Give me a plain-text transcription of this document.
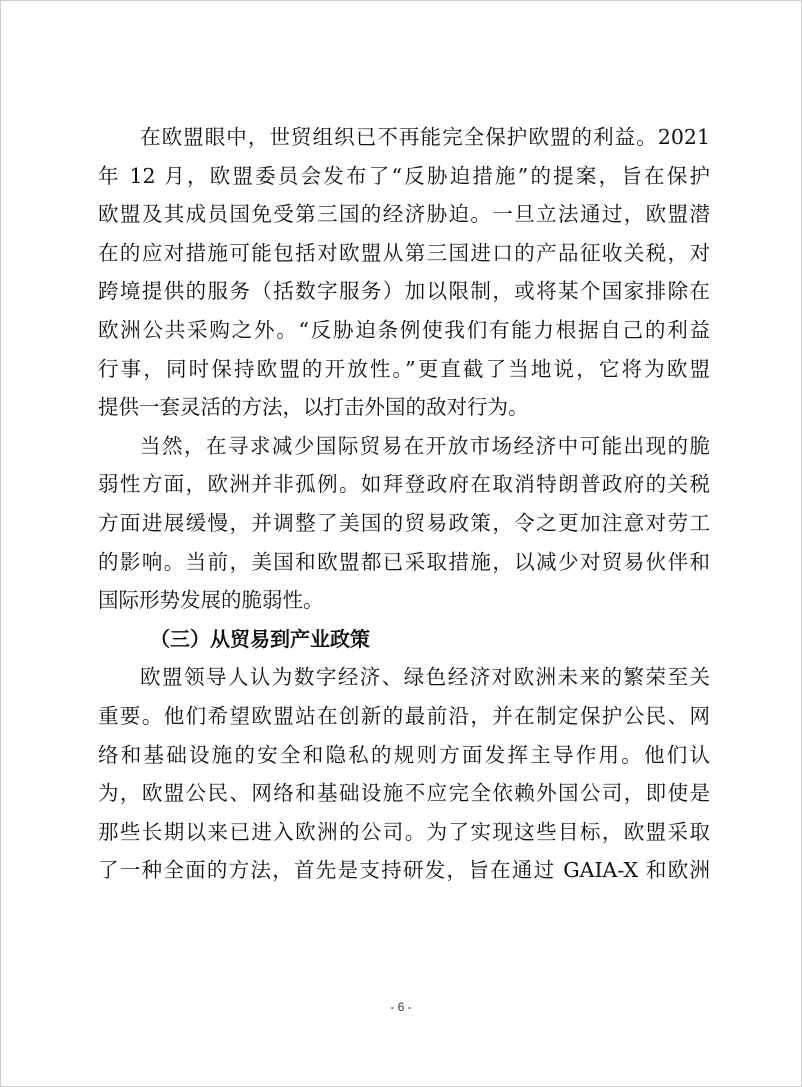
在欧盟眼中，世贸组织已不再能完全保护欧盟的利益。2021
年 12 月，欧盟委员会发布了“反胁迫措施”的提案，旨在保护
欧盟及其成员国免受第三国的经济胁迫。一旦立法通过，欧盟潜
在的应对措施可能包括对欧盟从第三国进口的产品征收关税，对
跨境提供的服务（括数字服务）加以限制，或将某个国家排除在
欧洲公共采购之外。“反胁迫条例使我们有能力根据自己的利益
行事，同时保持欧盟的开放性。”更直截了当地说，它将为欧盟
提供一套灵活的方法，以打击外国的敌对行为。
当然，在寻求减少国际贸易在开放市场经济中可能出现的脆
弱性方面，欧洲并非孤例。如拜登政府在取消特朗普政府的关税
方面进展缓慢，并调整了美国的贸易政策，令之更加注意对劳工
的影响。当前，美国和欧盟都已采取措施，以减少对贸易伙伴和
国际形势发展的脆弱性。
（三）从贸易到产业政策
欧盟领导人认为数字经济、绿色经济对欧洲未来的繁荣至关
重要。他们希望欧盟站在创新的最前沿，并在制定保护公民、网
络和基础设施的安全和隐私的规则方面发挥主导作用。他们认
为，欧盟公民、网络和基础设施不应完全依赖外国公司，即使是
那些长期以来已进入欧洲的公司。为了实现这些目标，欧盟采取
了一种全面的方法，首先是支持研发，旨在通过 GAIA-X 和欧洲
- 6 -
